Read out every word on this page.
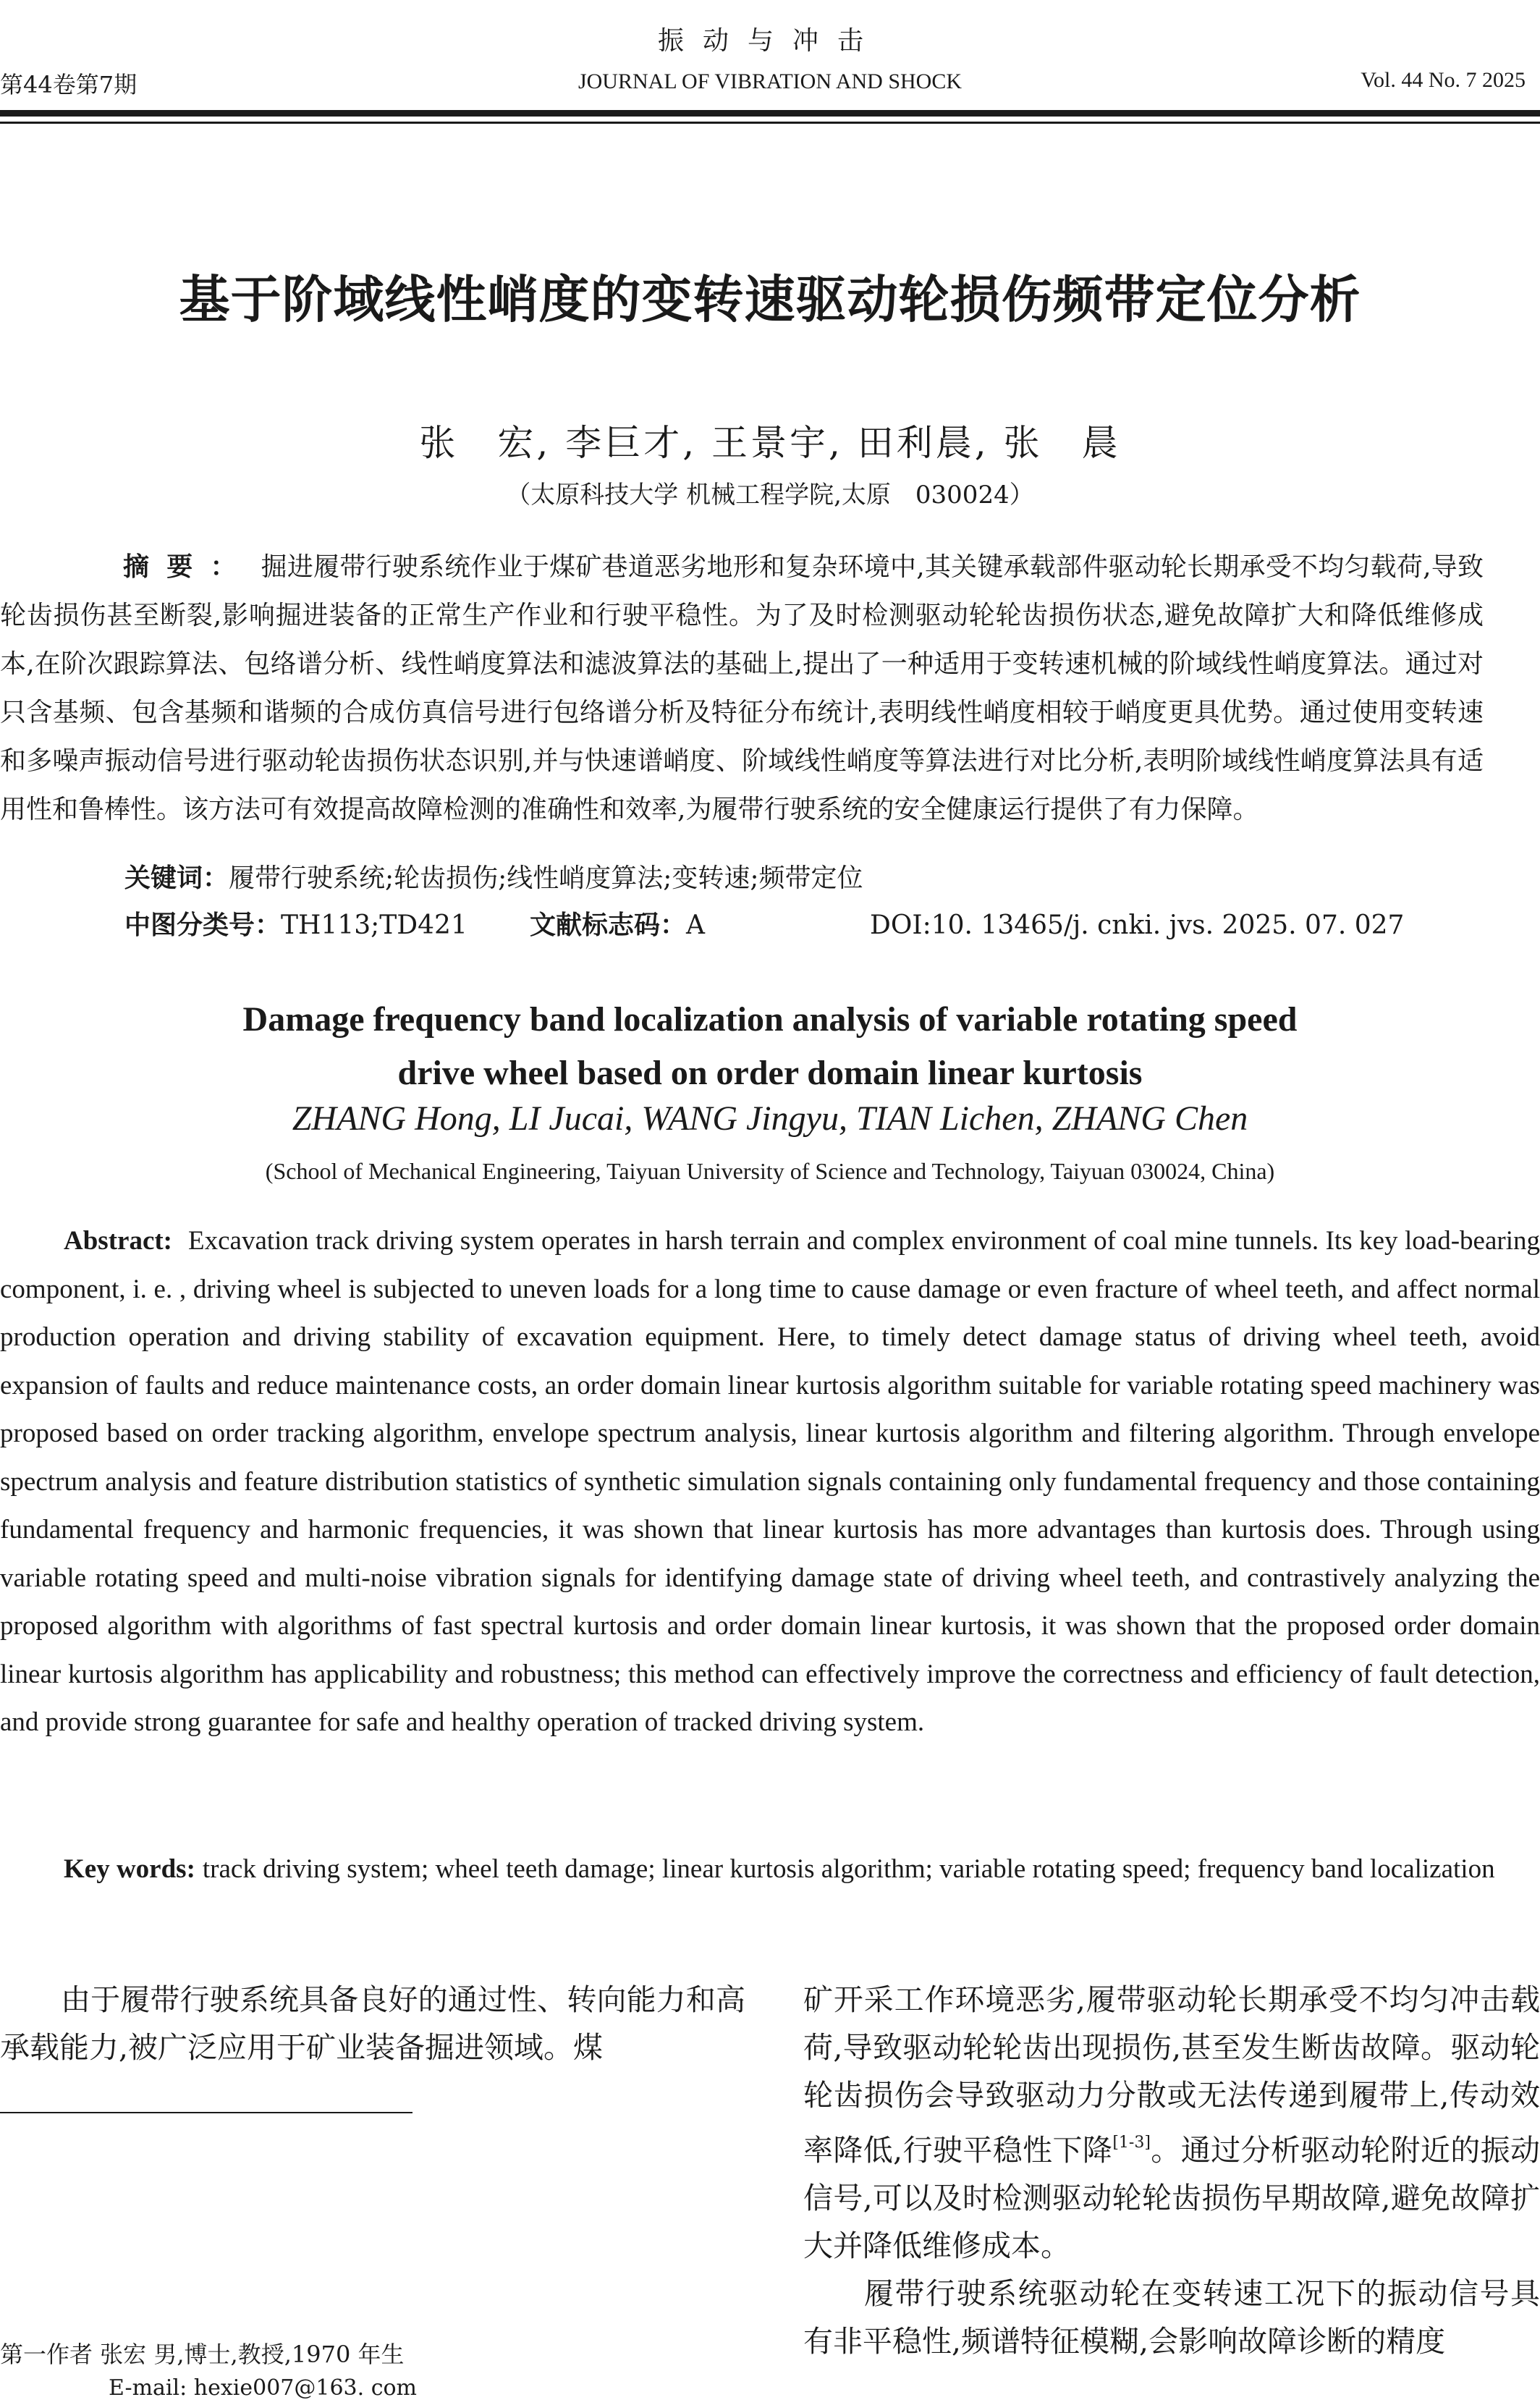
振动与冲击
第44卷第7期	JOURNAL OF VIBRATION AND SHOCK	Vol. 44 No. 7 2025
基于阶域线性峭度的变转速驱动轮损伤频带定位分析
张　宏, 李巨才, 王景宇, 田利晨, 张　晨
（太原科技大学 机械工程学院,太原　030024）
摘要： 掘进履带行驶系统作业于煤矿巷道恶劣地形和复杂环境中,其关键承载部件驱动轮长期承受不均匀载荷,导致轮齿损伤甚至断裂,影响掘进装备的正常生产作业和行驶平稳性。为了及时检测驱动轮轮齿损伤状态,避免故障扩大和降低维修成本,在阶次跟踪算法、包络谱分析、线性峭度算法和滤波算法的基础上,提出了一种适用于变转速机械的阶域线性峭度算法。通过对只含基频、包含基频和谐频的合成仿真信号进行包络谱分析及特征分布统计,表明线性峭度相较于峭度更具优势。通过使用变转速和多噪声振动信号进行驱动轮齿损伤状态识别,并与快速谱峭度、阶域线性峭度等算法进行对比分析,表明阶域线性峭度算法具有适用性和鲁棒性。该方法可有效提高故障检测的准确性和效率,为履带行驶系统的安全健康运行提供了有力保障。
关键词：履带行驶系统;轮齿损伤;线性峭度算法;变转速;频带定位
中图分类号：TH113;TD421 文献标志码：A	DOI:10. 13465/j. cnki. jvs. 2025. 07. 027
Damage frequency band localization analysis of variable rotating speed
drive wheel based on order domain linear kurtosis
ZHANG Hong, LI Jucai, WANG Jingyu, TIAN Lichen, ZHANG Chen
(School of Mechanical Engineering, Taiyuan University of Science and Technology, Taiyuan 030024, China)
Abstract: Excavation track driving system operates in harsh terrain and complex environment of coal mine tunnels. Its key load-bearing component, i. e. , driving wheel is subjected to uneven loads for a long time to cause damage or even fracture of wheel teeth, and affect normal production operation and driving stability of excavation equipment. Here, to timely detect damage status of driving wheel teeth, avoid expansion of faults and reduce maintenance costs, an order domain linear kurtosis algorithm suitable for variable rotating speed machinery was proposed based on order tracking algorithm, envelope spectrum analysis, linear kurtosis algorithm and filtering algorithm. Through envelope spectrum analysis and feature distribution statistics of synthetic simulation signals containing only fundamental frequency and those containing fundamental frequency and harmonic frequencies, it was shown that linear kurtosis has more advantages than kurtosis does. Through using variable rotating speed and multi-noise vibration signals for identifying damage state of driving wheel teeth, and contrastively analyzing the proposed algorithm with algorithms of fast spectral kurtosis and order domain linear kurtosis, it was shown that the proposed order domain linear kurtosis algorithm has applicability and robustness; this method can effectively improve the correctness and efficiency of fault detection, and provide strong guarantee for safe and healthy operation of tracked driving system.
Key words: track driving system; wheel teeth damage; linear kurtosis algorithm; variable rotating speed; frequency band localization
由于履带行驶系统具备良好的通过性、转向能力和高承载能力,被广泛应用于矿业装备掘进领域。煤

矿开采工作环境恶劣,履带驱动轮长期承受不均匀冲击载荷,导致驱动轮轮齿出现损伤,甚至发生断齿故障。驱动轮轮齿损伤会导致驱动力分散或无法传递到履带上,传动效率降低,行驶平稳性下降[1-3]。通过分析驱动轮附近的振动信号,可以及时检测驱动轮轮齿损伤早期故障,避免故障扩大并降低维修成本。

履带行驶系统驱动轮在变转速工况下的振动信号具有非平稳性,频谱特征模糊,会影响故障诊断的精度

第一作者 张宏 男,博士,教授,1970 年生
E-mail: hexie007@163. com
